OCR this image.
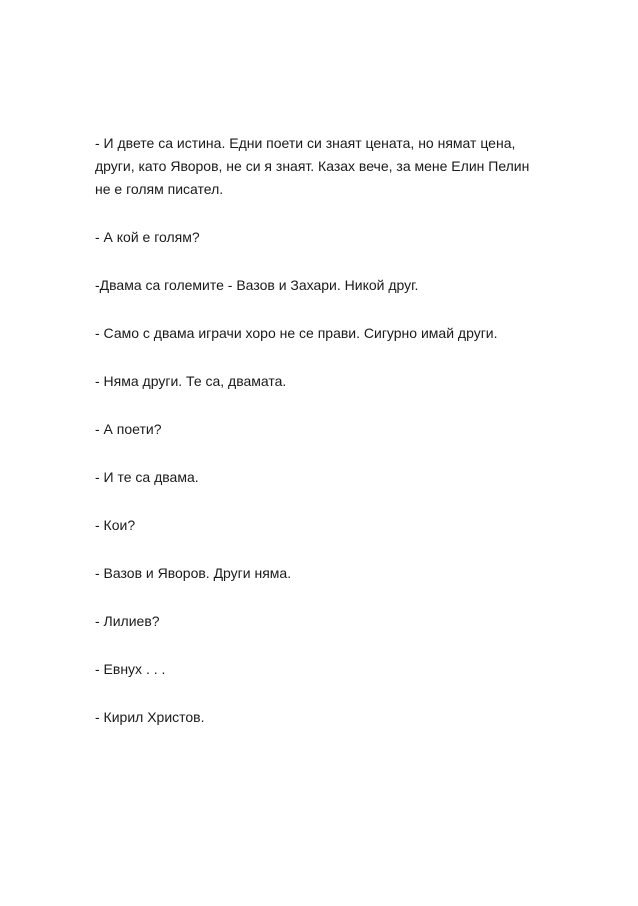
- И двете са истина. Едни поети си знаят цената, но нямат цена, други, като Яворов, не си я знаят. Казах вече, за мене Елин Пелин не е голям писател.

- А кой е голям?

-Двама са големите - Вазов и Захари. Никой друг.

- Само с двама играчи хоро не се прави. Сигурно имай други.

- Няма други. Те са, двамата.

- А поети?

- И те са двама.

- Кои?

- Вазов и Яворов. Други няма.

- Лилиев?

- Евнух . . .

- Кирил Христов.
